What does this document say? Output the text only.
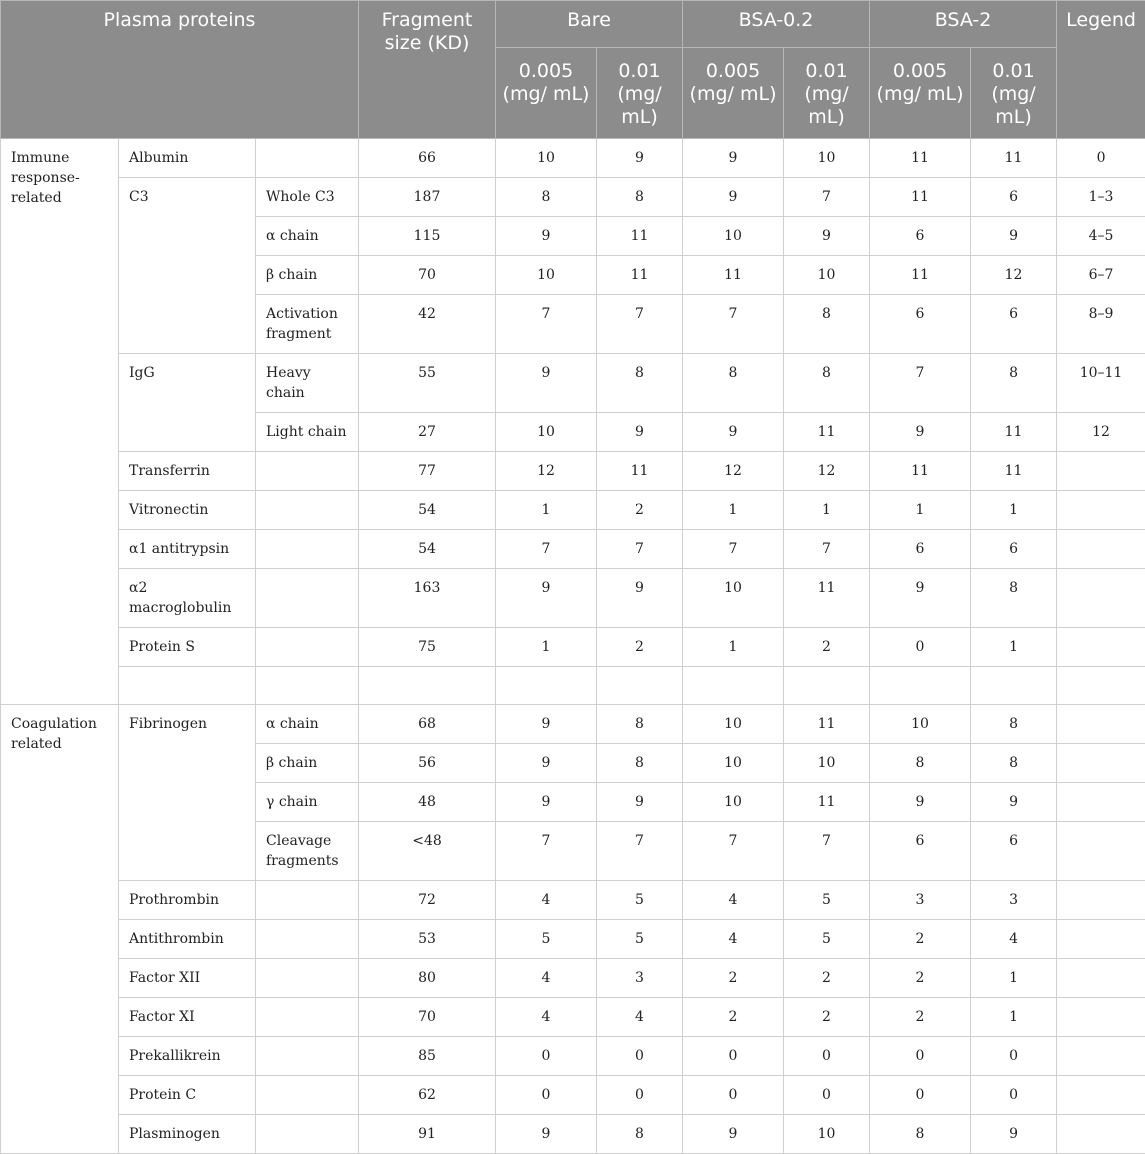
Plasma proteins			Fragment size (KD)	Bare		BSA-0.2		BSA-2		Legend
				0.005 (mg/ mL)	0.01 (mg/ mL)	0.005 (mg/ mL)	0.01 (mg/ mL)	0.005 (mg/ mL)	0.01 (mg/ mL)	
Immune response-related	Albumin		66	10	9	9	10	11	11	0
	C3	Whole C3	187	8	8	9	7	11	6	1–3
		α chain	115	9	11	10	9	6	9	4–5
		β chain	70	10	11	11	10	11	12	6–7
		Activation fragment	42	7	7	7	8	6	6	8–9
	IgG	Heavy chain	55	9	8	8	8	7	8	10–11
		Light chain	27	10	9	9	11	9	11	12
	Transferrin		77	12	11	12	12	11	11	
	Vitronectin		54	1	2	1	1	1	1	
	α1 antitrypsin		54	7	7	7	7	6	6	
	α2 macroglobulin		163	9	9	10	11	9	8	
	Protein S		75	1	2	1	2	0	1	

Coagulation related	Fibrinogen	α chain	68	9	8	10	11	10	8	
		β chain	56	9	8	10	10	8	8	
		γ chain	48	9	9	10	11	9	9	
		Cleavage fragments	<48	7	7	7	7	6	6	
	Prothrombin		72	4	5	4	5	3	3	
	Antithrombin		53	5	5	4	5	2	4	
	Factor XII		80	4	3	2	2	2	1	
	Factor XI		70	4	4	2	2	2	1	
	Prekallikrein		85	0	0	0	0	0	0	
	Protein C		62	0	0	0	0	0	0	
	Plasminogen		91	9	8	9	10	8	9	
